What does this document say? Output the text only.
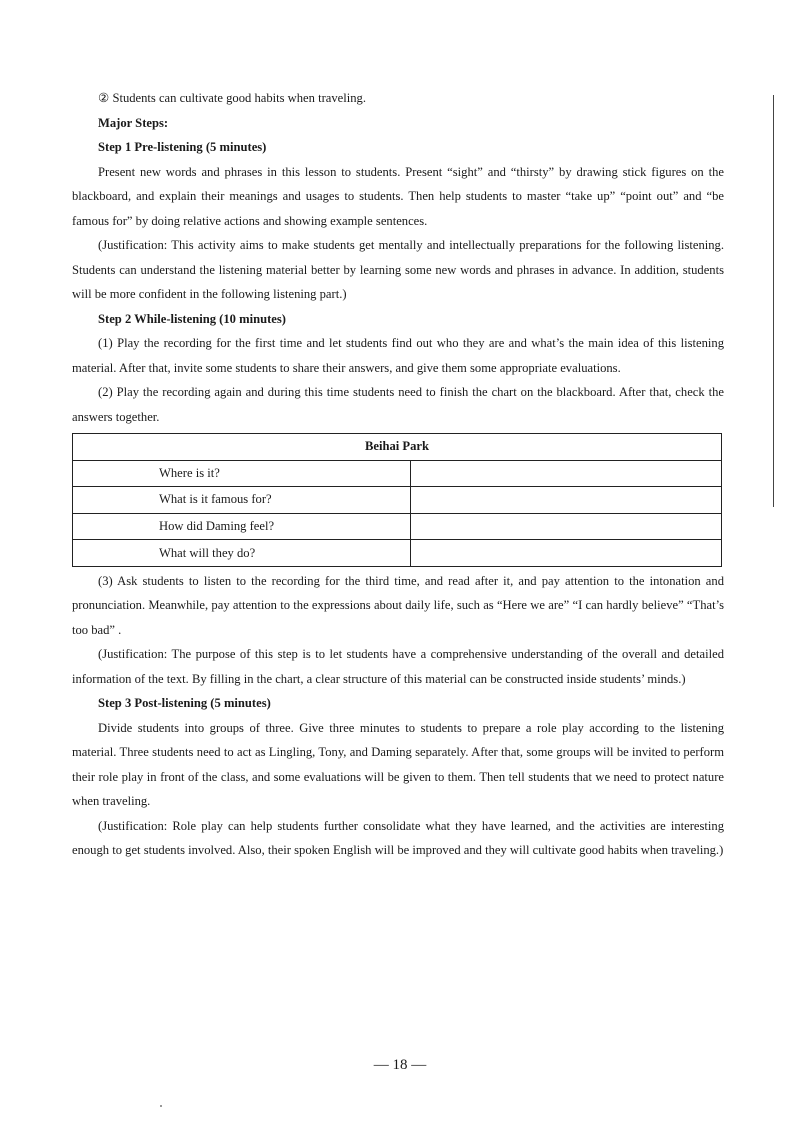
② Students can cultivate good habits when traveling.

Major Steps:

Step 1 Pre-listening (5 minutes)

Present new words and phrases in this lesson to students. Present “sight” and “thirsty” by drawing stick figures on the blackboard, and explain their meanings and usages to students. Then help students to master “take up” “point out” and “be famous for” by doing relative actions and showing example sentences.

(Justification: This activity aims to make students get mentally and intellectually preparations for the following listening. Students can understand the listening material better by learning some new words and phrases in advance. In addition, students will be more confident in the following listening part.)

Step 2 While-listening (10 minutes)

(1) Play the recording for the first time and let students find out who they are and what’s the main idea of this listening material. After that, invite some students to share their answers, and give them some appropriate evaluations.

(2) Play the recording again and during this time students need to finish the chart on the blackboard. After that, check the answers together.

Beihai Park	
Where is it?	
What is it famous for?	
How did Daming feel?	
What will they do?	

(3) Ask students to listen to the recording for the third time, and read after it, and pay attention to the intonation and pronunciation. Meanwhile, pay attention to the expressions about daily life, such as “Here we are” “I can hardly believe” “That’s too bad” .

(Justification: The purpose of this step is to let students have a comprehensive understanding of the overall and detailed information of the text. By filling in the chart, a clear structure of this material can be constructed inside students’ minds.)

Step 3 Post-listening (5 minutes)

Divide students into groups of three. Give three minutes to students to prepare a role play according to the listening material. Three students need to act as Lingling, Tony, and Daming separately. After that, some groups will be invited to perform their role play in front of the class, and some evaluations will be given to them. Then tell students that we need to protect nature when traveling.

(Justification: Role play can help students further consolidate what they have learned, and the activities are interesting enough to get students involved. Also, their spoken English will be improved and they will cultivate good habits when traveling.)

— 18 —
